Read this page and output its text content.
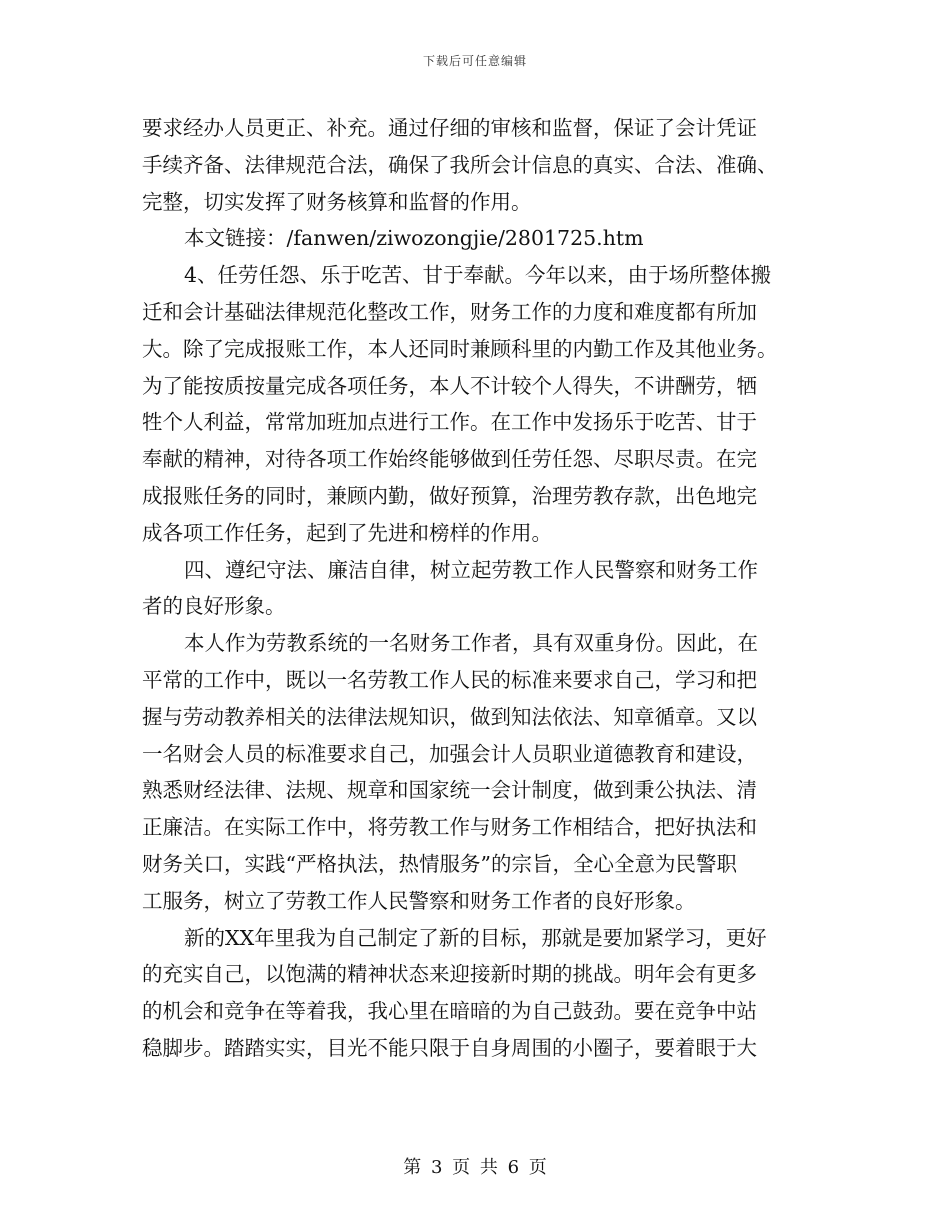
下载后可任意编辑
要求经办人员更正、补充。通过仔细的审核和监督，保证了会计凭证
手续齐备、法律规范合法，确保了我所会计信息的真实、合法、准确、
完整，切实发挥了财务核算和监督的作用。
本文链接：/fanwen/ziwozongjie/2801725.htm
4、任劳任怨、乐于吃苦、甘于奉献。今年以来，由于场所整体搬
迁和会计基础法律规范化整改工作，财务工作的力度和难度都有所加
大。除了完成报账工作，本人还同时兼顾科里的内勤工作及其他业务。
为了能按质按量完成各项任务，本人不计较个人得失，不讲酬劳，牺
牲个人利益，常常加班加点进行工作。在工作中发扬乐于吃苦、甘于
奉献的精神，对待各项工作始终能够做到任劳任怨、尽职尽责。在完
成报账任务的同时，兼顾内勤，做好预算，治理劳教存款，出色地完
成各项工作任务，起到了先进和榜样的作用。
四、遵纪守法、廉洁自律，树立起劳教工作人民警察和财务工作
者的良好形象。
本人作为劳教系统的一名财务工作者，具有双重身份。因此，在
平常的工作中，既以一名劳教工作人民的标准来要求自己，学习和把
握与劳动教养相关的法律法规知识，做到知法依法、知章循章。又以
一名财会人员的标准要求自己，加强会计人员职业道德教育和建设，
熟悉财经法律、法规、规章和国家统一会计制度，做到秉公执法、清
正廉洁。在实际工作中，将劳教工作与财务工作相结合，把好执法和
财务关口，实践“严格执法，热情服务”的宗旨，全心全意为民警职
工服务，树立了劳教工作人民警察和财务工作者的良好形象。
新的XX年里我为自己制定了新的目标，那就是要加紧学习，更好
的充实自己，以饱满的精神状态来迎接新时期的挑战。明年会有更多
的机会和竞争在等着我，我心里在暗暗的为自己鼓劲。要在竞争中站
稳脚步。踏踏实实，目光不能只限于自身周围的小圈子，要着眼于大
第 3 页 共 6 页
